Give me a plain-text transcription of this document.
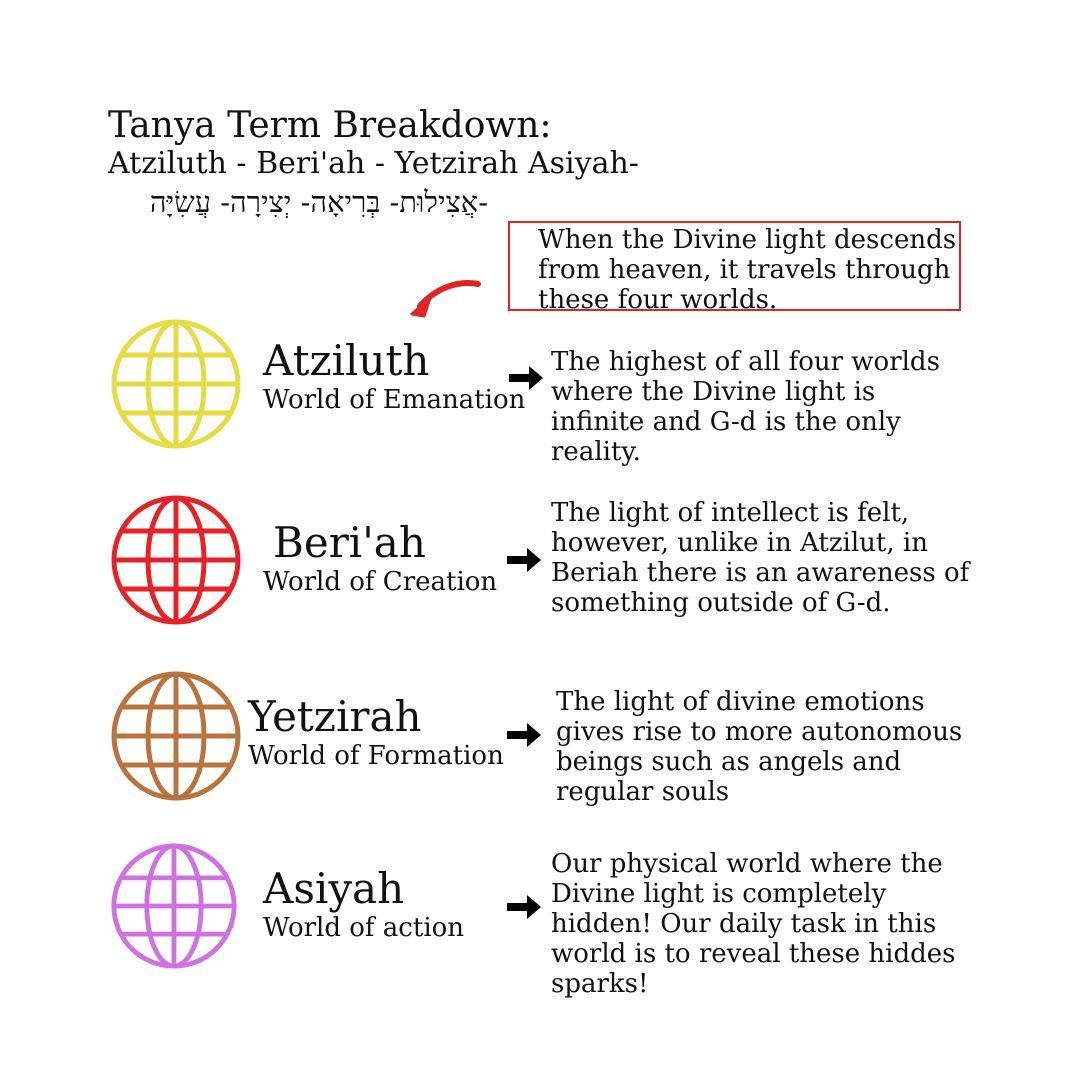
Tanya Term Breakdown:
Atziluth - Beri'ah - Yetzirah Asiyah-
-אֲצִילוּת- בְּרִיאָה- יְצִירָה- עֲשִׂיָּה
When the Divine light descends from heaven, it travels through these four worlds.
Atziluth
World of Emanation
The highest of all four worlds where the Divine light is infinite and G-d is the only reality.
Beri'ah
World of Creation
The light of intellect is felt, however, unlike in Atzilut, in Beriah there is an awareness of something outside of G-d.
Yetzirah
World of Formation
The light of divine emotions gives rise to more autonomous beings such as angels and regular souls
Asiyah
World of action
Our physical world where the Divine light is completely hidden! Our daily task in this world is to reveal these hiddes sparks!
